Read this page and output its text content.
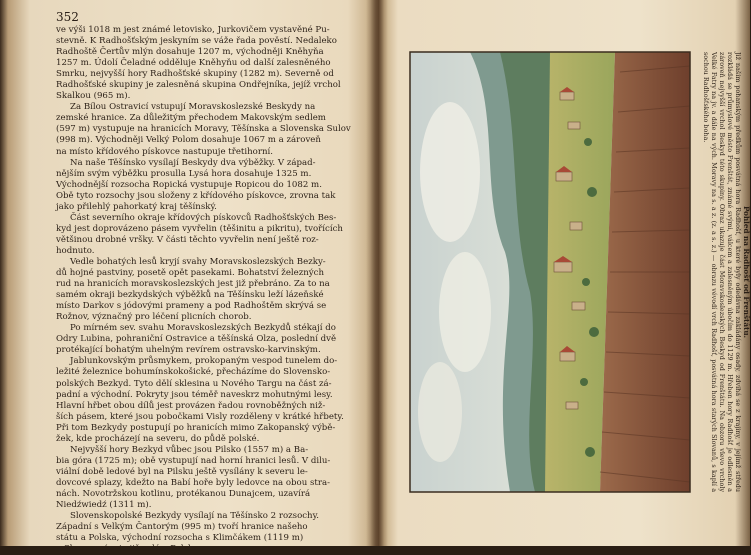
352

ve výši 1018 m jest známé letovisko, Jurkovičem vystavěné Pu-

stevně. K Radhošťským jeskyním se váže řada pověstí. Nedaleko

Radhoště Čertův mlýn dosahuje 1207 m, východněji Kněhyňa

1257 m. Údolí Čeladné odděluje Kněhyňu od další zalesněného

Smrku, nejvyšší hory Radhošťské skupiny (1282 m). Severně od

Radhošťské skupiny je zalesněná skupina Ondřejníka, jejíž vrchol

Skalkou (965 m).

Za Bílou Ostravicí vstupují Moravskoslezské Beskydy na

zemské hranice. Za důležitým přechodem Makovským sedlem

(597 m) vystupuje na hranicích Moravy, Těšínska a Slovenska Sulov

(998 m). Východněji Velký Polom dosahuje 1067 m a zároveň

na místo křídového pískovce nastupuje třetihorní.

Na naše Těšínsko vysílají Beskydy dva výběžky. V západ-

nějším svým výběžku prosulla Lysá hora dosahuje 1325 m.

Východnější rozsocha Ropická vystupuje Ropicou do 1082 m.

Obě tyto rozsochy jsou složeny z křídového pískovce, zrovna tak

jako přilehlý pahorkatý kraj těšínský.

Část severního okraje křídových pískovců Radhošťských Bes-

kyd jest doprovázeno pásem vyvřelin (těšinitu a pikritu), tvořících

většinou drobné vršky. V části těchto vyvřelin není ještě roz-

hodnuto.

Vedle bohatých lesů kryjí svahy Moravskoslezských Bezky-

dů hojné pastviny, posetě opět pasekami. Bohatství železných

rud na hranicích moravskoslezských jest již přebráno. Za to na

samém okraji bezkydských výběžků na Těšínsku leží lázeňské

místo Darkov s jódovými prameny a pod Radhoštěm skrývá se

Rožnov, význačný pro léčení plicních chorob.

Po mírném sev. svahu Moravskoslezských Bezkydů stékají do

Odry Lubina, pohraniční Ostravice a těšínská Olza, poslední dvě

protékající bohatým uhelným revírem ostravsko-karvinským.

Jablunkovským průsmykem, prokopaným vespod tunelem do-

ležité železnice bohumínskokošické, přecházíme do Slovensko-

polských Bezkyd. Tyto dělí sklesina u Nového Targu na část zá-

padní a východní. Pokryty jsou téměř naveskrz mohutnými lesy.

Hlavní hřbet obou dílů jest provázen řadou rovnoběžných niž-

ších pásem, které jsou pobočkami Visly rozděleny v krátké hřbety.

Při tom Bezkydy postupují po hranicích mimo Zakopanský výbě-

žek, kde procházejí na severu, do půdě polské.

Nejvyšší hory Bezkyd vůbec jsou Pilsko (1557 m) a Ba-

bia góra (1725 m); obě vystupují nad horní hranici lesů. V dilu-

viální době ledové byl na Pilsku ještě vysílány k severu le-

dovcové splazy, kdežto na Babí hoře byly ledovce na obou stra-

nách. Novotržskou kotlinu, protékanou Dunajcem, uzavírá

Niedźwiedź (1311 m).

Slovenskopolské Bezkydy vysílají na Těšínsko 2 rozsochy.

Západní s Velkým Čantorým (995 m) tvoří hranice našeho

státu a Polska, východní rozsocha s Klimčákem (1119 m)

a Skrzyczným je již celá v Polsku.

Pohled na Radhošť od Frenštátu.
Již našim pohanským předkům posvátná hora Radhošť, u které byly odedávna zakládány osady, zdvihá se z krajiny, v jejímž středu rozkládá se průmyslové město Frenštát, známé svými, válcem a zalesněným úbočím do 1129 m. Hřeben hory Radhošť je odlesněn a zároveň nejvyšší vrchol Beskyd této skupiny. Obraz ukazuje část Moravskoslezských Beskyd od Frenštátu. Na obzoru vlevo vrcholy Velké Fatry na jv. a dále na vých. Moravy na s. a z. (z. a s. z.) — obrazu vévodí vrch Radhošť, posvátná hora starých Slovanů, s kaplí a sochou Radhošťského boha.
